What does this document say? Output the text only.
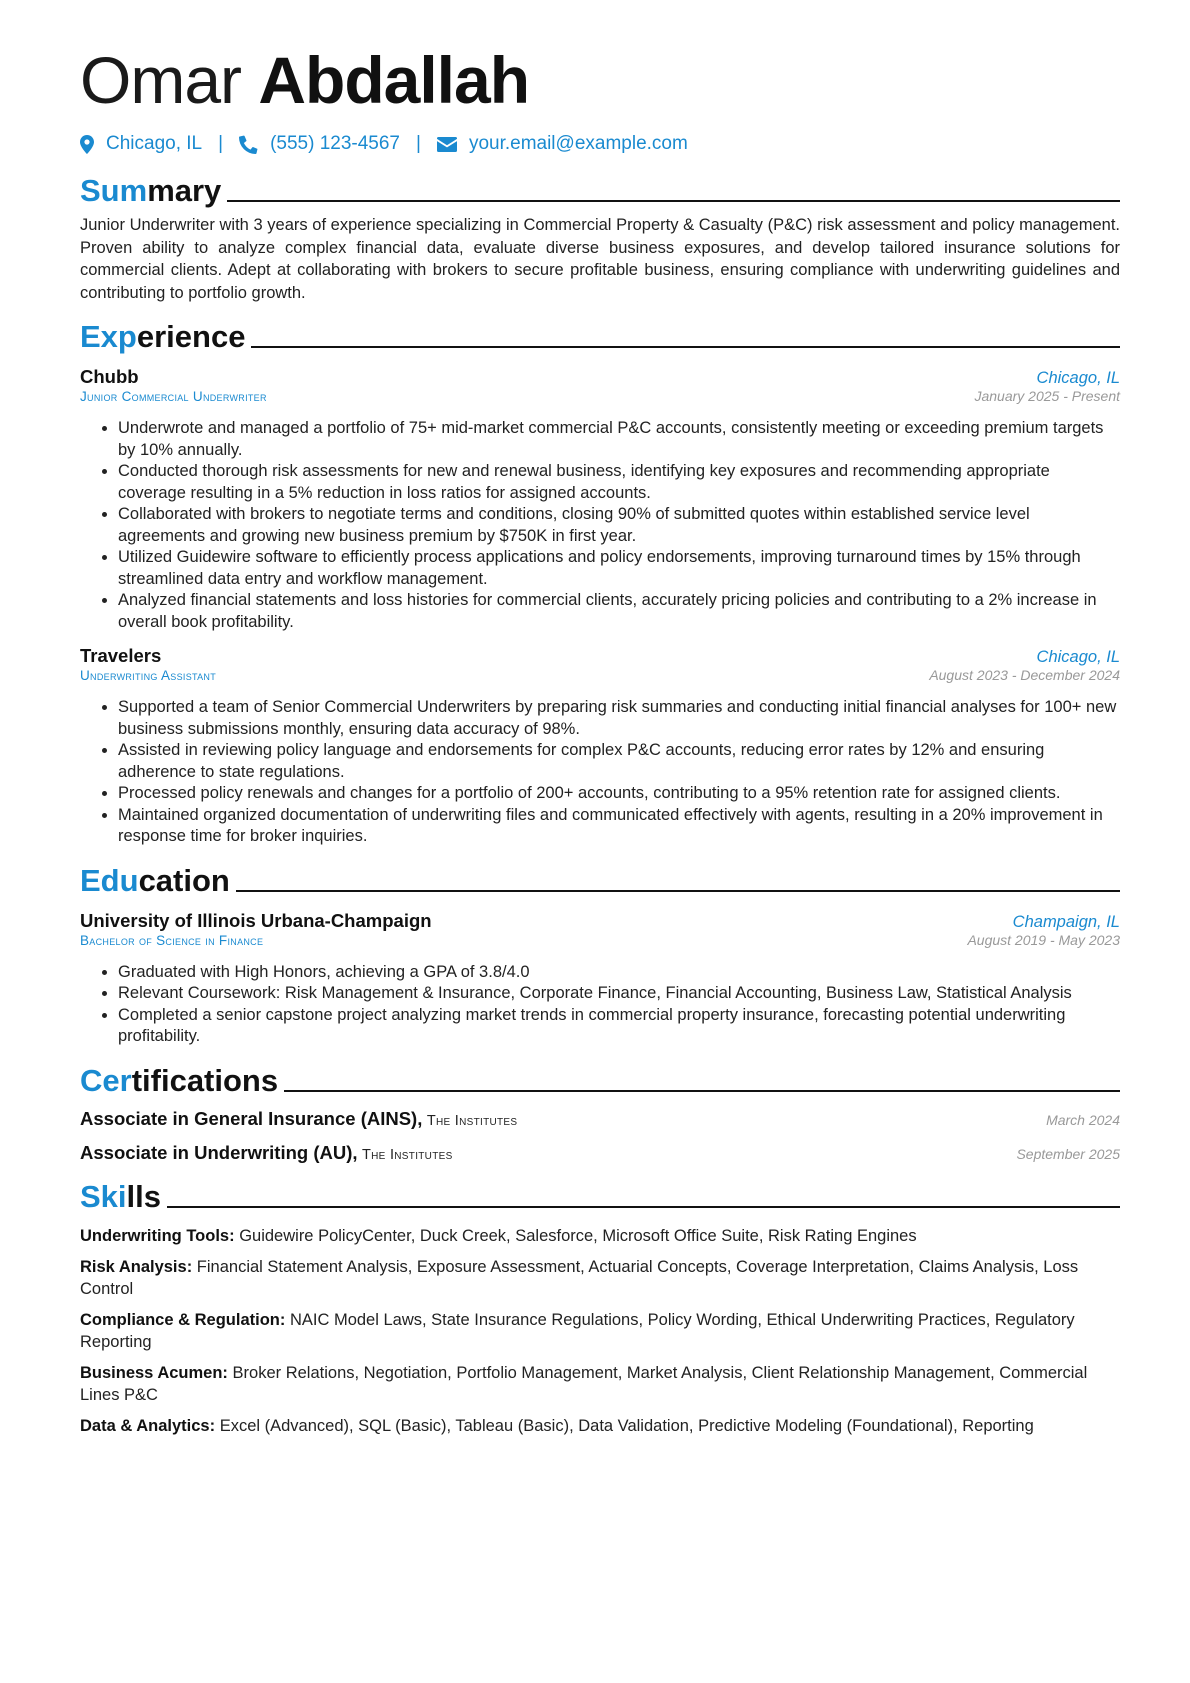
Omar Abdallah
Chicago, IL | (555) 123-4567 |	your.email@example.com
Summary
Junior Underwriter with 3 years of experience specializing in Commercial Property & Casualty (P&C) risk assessment and policy management. Proven ability to analyze complex financial data, evaluate diverse business exposures, and develop tailored insurance solutions for commercial clients. Adept at collaborating with brokers to secure profitable business, ensuring compliance with underwriting guidelines and contributing to portfolio growth.
Experience
Chubb	Chicago, IL
Junior Commercial Underwriter	January 2025 - Present
• Underwrote and managed a portfolio of 75+ mid-market commercial P&C accounts, consistently meeting or exceeding premium targets by 10% annually.
• Conducted thorough risk assessments for new and renewal business, identifying key exposures and recommending appropriate coverage resulting in a 5% reduction in loss ratios for assigned accounts.
• Collaborated with brokers to negotiate terms and conditions, closing 90% of submitted quotes within established service level agreements and growing new business premium by $750K in first year.
• Utilized Guidewire software to efficiently process applications and policy endorsements, improving turnaround times by 15% through streamlined data entry and workflow management.
• Analyzed financial statements and loss histories for commercial clients, accurately pricing policies and contributing to a 2% increase in overall book profitability.
Travelers	Chicago, IL
Underwriting Assistant	August 2023 - December 2024
• Supported a team of Senior Commercial Underwriters by preparing risk summaries and conducting initial financial analyses for 100+ new business submissions monthly, ensuring data accuracy of 98%.
• Assisted in reviewing policy language and endorsements for complex P&C accounts, reducing error rates by 12% and ensuring adherence to state regulations.
• Processed policy renewals and changes for a portfolio of 200+ accounts, contributing to a 95% retention rate for assigned clients.
• Maintained organized documentation of underwriting files and communicated effectively with agents, resulting in a 20% improvement in response time for broker inquiries.
Education
University of Illinois Urbana-Champaign	Champaign, IL
Bachelor of Science in Finance	August 2019 - May 2023
• Graduated with High Honors, achieving a GPA of 3.8/4.0
• Relevant Coursework: Risk Management & Insurance, Corporate Finance, Financial Accounting, Business Law, Statistical Analysis
• Completed a senior capstone project analyzing market trends in commercial property insurance, forecasting potential underwriting profitability.
Certifications
Associate in General Insurance (AINS), The Institutes	March 2024
Associate in Underwriting (AU), The Institutes	September 2025
Skills
Underwriting Tools: Guidewire PolicyCenter, Duck Creek, Salesforce, Microsoft Office Suite, Risk Rating Engines
Risk Analysis: Financial Statement Analysis, Exposure Assessment, Actuarial Concepts, Coverage Interpretation, Claims Analysis, Loss Control
Compliance & Regulation: NAIC Model Laws, State Insurance Regulations, Policy Wording, Ethical Underwriting Practices, Regulatory Reporting
Business Acumen: Broker Relations, Negotiation, Portfolio Management, Market Analysis, Client Relationship Management, Commercial Lines P&C
Data & Analytics: Excel (Advanced), SQL (Basic), Tableau (Basic), Data Validation, Predictive Modeling (Foundational), Reporting
